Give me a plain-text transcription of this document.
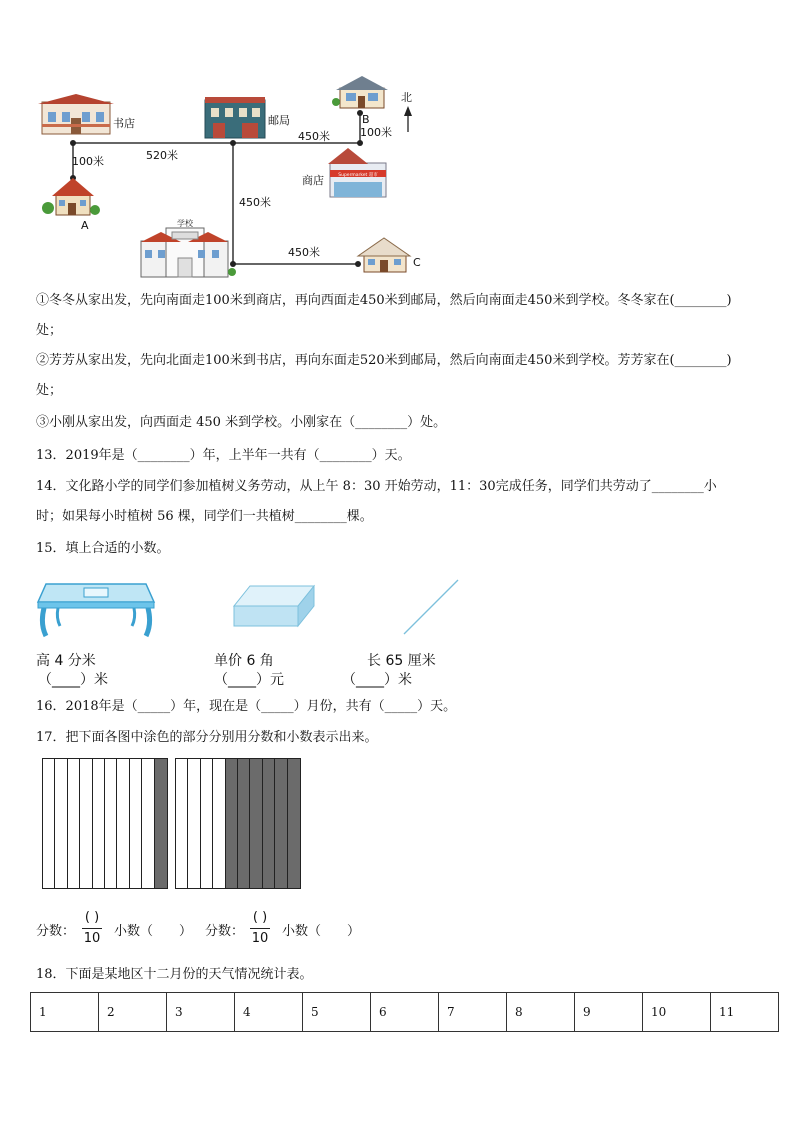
Supermarket 超市
学校
书店	邮局
商店
北
A
B
C
100米	520米
450米	100米
450米
450米
①冬冬从家出发，先向南面走100米到商店，再向西面走450米到邮局，然后向南面走450米到学校。冬冬家在(________)
处；
②芳芳从家出发，先向北面走100米到书店，再向东面走520米到邮局，然后向南面走450米到学校。芳芳家在(________)
处；
③小刚从家出发，向西面走 450 米到学校。小刚家在（________）处。
13．2019年是（________）年，上半年一共有（________）天。
14．文化路小学的同学们参加植树义务劳动，从上午 8：30 开始劳动，11：30完成任务，同学们共劳动了________小
时；如果每小时植树 56 棵，同学们一共植树________棵。
15．填上合适的小数。
高 4 分米
（____）米
单价 6 角
（____）元
长 65 厘米
（____）米
16．2018年是（_____）年，现在是（_____）月份，共有（_____）天。
17．把下面各图中涂色的部分分别用分数和小数表示出来。
分数：
( )
10 小数（　　） 分数：
( )
10 小数（　　）
18．下面是某地区十二月份的天气情况统计表。
1	2	3	4	5	6	7	8	9	10	11
